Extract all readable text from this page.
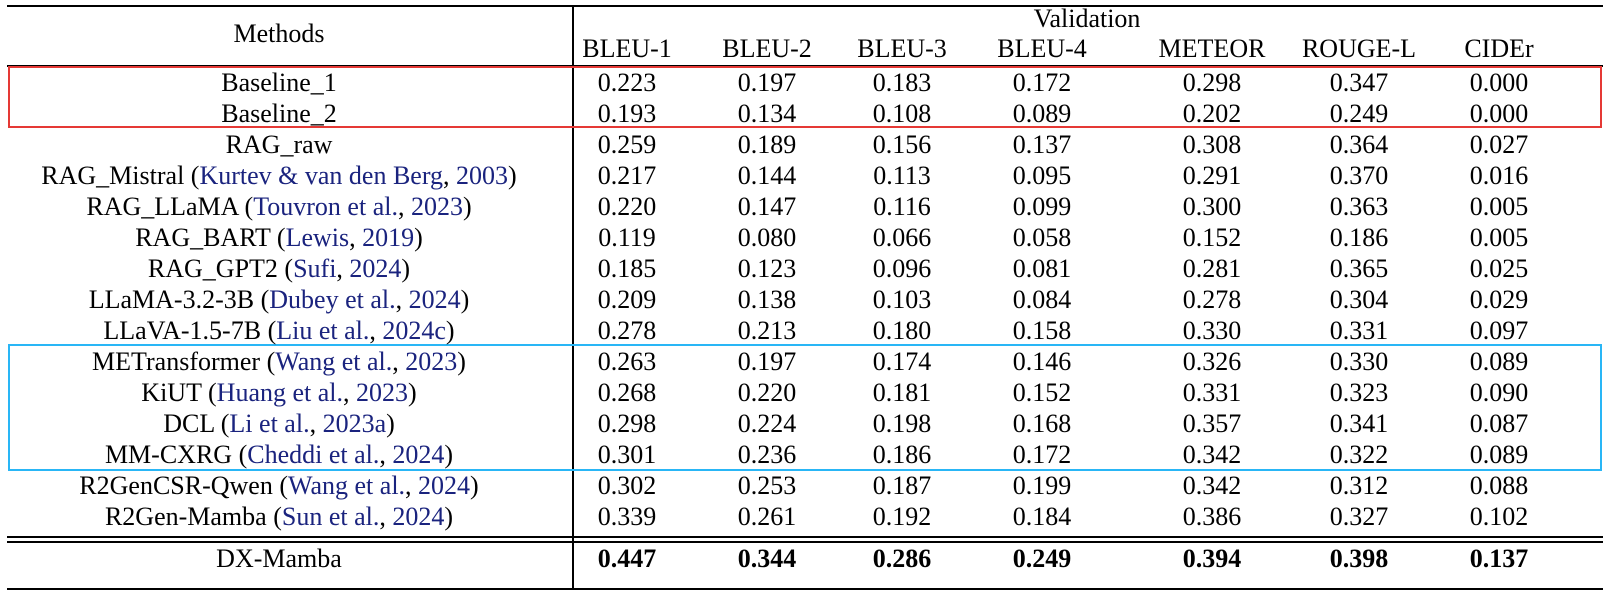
Methods
Validation
BLEU-1 BLEU-2 BLEU-3 BLEU-4	METEOR ROUGE-L CIDEr
Baseline_1	0.223	0.197	0.183	0.172	0.298	0.347	0.000
Baseline_2	0.193	0.134	0.108	0.089	0.202	0.249	0.000
RAG_raw	0.259	0.189	0.156	0.137	0.308	0.364	0.027
RAG_Mistral (Kurtev & van den Berg, 2003)	0.217	0.144	0.113	0.095	0.291	0.370	0.016
RAG_LLaMA (Touvron et al., 2023)	0.220	0.147	0.116	0.099	0.300	0.363	0.005
RAG_BART (Lewis, 2019)	0.119	0.080	0.066	0.058	0.152	0.186	0.005
RAG_GPT2 (Sufi, 2024)	0.185	0.123	0.096	0.081	0.281	0.365	0.025
LLaMA-3.2-3B (Dubey et al., 2024)	0.209	0.138	0.103	0.084	0.278	0.304	0.029
LLaVA-1.5-7B (Liu et al., 2024c)	0.278	0.213	0.180	0.158	0.330	0.331	0.097
METransformer (Wang et al., 2023)	0.263	0.197	0.174	0.146	0.326	0.330	0.089
KiUT (Huang et al., 2023)	0.268	0.220	0.181	0.152	0.331	0.323	0.090
DCL (Li et al., 2023a)	0.298	0.224	0.198	0.168	0.357	0.341	0.087
MM-CXRG (Cheddi et al., 2024)	0.301	0.236	0.186	0.172	0.342	0.322	0.089
R2GenCSR-Qwen (Wang et al., 2024)	0.302	0.253	0.187	0.199	0.342	0.312	0.088
R2Gen-Mamba (Sun et al., 2024)	0.339	0.261	0.192	0.184	0.386	0.327	0.102
DX-Mamba	0.447	0.344	0.286	0.249	0.394	0.398	0.137
